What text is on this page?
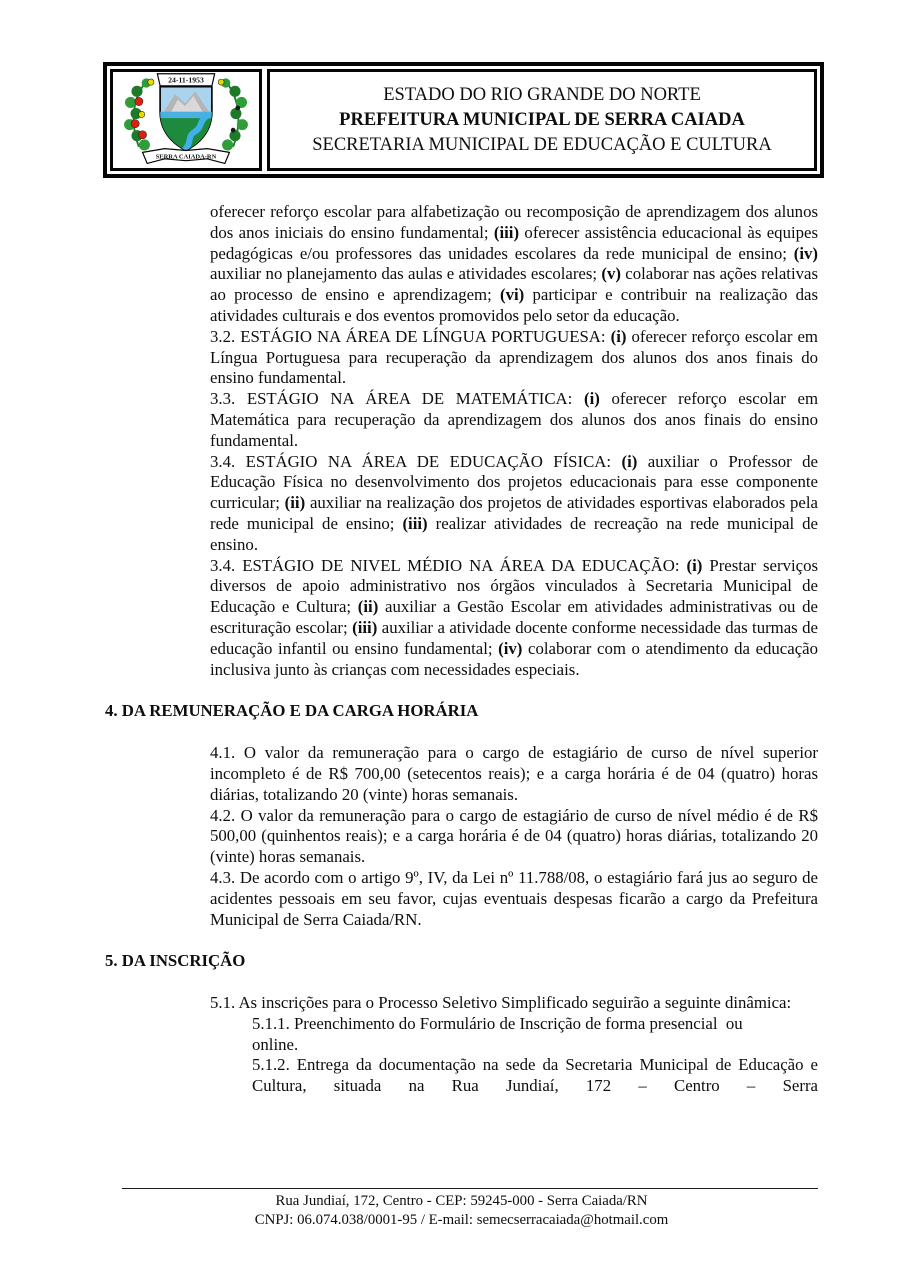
24-11-1953
SERRA CAIADA-RN
ESTADO DO RIO GRANDE DO NORTE
PREFEITURA MUNICIPAL DE SERRA CAIADA
SECRETARIA MUNICIPAL DE EDUCAÇÃO E CULTURA

oferecer reforço escolar para alfabetização ou recomposição de aprendizagem dos alunos dos anos iniciais do ensino fundamental; (iii) oferecer assistência educacional às equipes pedagógicas e/ou professores das unidades escolares da rede municipal de ensino; (iv) auxiliar no planejamento das aulas e atividades escolares; (v) colaborar nas ações relativas ao processo de ensino e aprendizagem; (vi) participar e contribuir na realização das atividades culturais e dos eventos promovidos pelo setor da educação.

3.2. ESTÁGIO NA ÁREA DE LÍNGUA PORTUGUESA: (i) oferecer reforço escolar em Língua Portuguesa para recuperação da aprendizagem dos alunos dos anos finais do ensino fundamental.

3.3. ESTÁGIO NA ÁREA DE MATEMÁTICA: (i) oferecer reforço escolar em Matemática para recuperação da aprendizagem dos alunos dos anos finais do ensino fundamental.

3.4. ESTÁGIO NA ÁREA DE EDUCAÇÃO FÍSICA: (i) auxiliar o Professor de Educação Física no desenvolvimento dos projetos educacionais para esse componente curricular; (ii) auxiliar na realização dos projetos de atividades esportivas elaborados pela rede municipal de ensino; (iii) realizar atividades de recreação na rede municipal de ensino.

3.4. ESTÁGIO DE NIVEL MÉDIO NA ÁREA DA EDUCAÇÃO: (i) Prestar serviços diversos de apoio administrativo nos órgãos vinculados à Secretaria Municipal de Educação e Cultura; (ii) auxiliar a Gestão Escolar em atividades administrativas ou de escrituração escolar; (iii) auxiliar a atividade docente conforme necessidade das turmas de educação infantil ou ensino fundamental; (iv) colaborar com o atendimento da educação inclusiva junto às crianças com necessidades especiais.

4. DA REMUNERAÇÃO E DA CARGA HORÁRIA

4.1. O valor da remuneração para o cargo de estagiário de curso de nível superior incompleto é de R$ 700,00 (setecentos reais); e a carga horária é de 04 (quatro) horas diárias, totalizando 20 (vinte) horas semanais.

4.2. O valor da remuneração para o cargo de estagiário de curso de nível médio é de R$ 500,00 (quinhentos reais); e a carga horária é de 04 (quatro) horas diárias, totalizando 20 (vinte) horas semanais.

4.3. De acordo com o artigo 9º, IV, da Lei nº 11.788/08, o estagiário fará jus ao seguro de acidentes pessoais em seu favor, cujas eventuais despesas ficarão a cargo da Prefeitura Municipal de Serra Caiada/RN.

5. DA INSCRIÇÃO

5.1. As inscrições para o Processo Seletivo Simplificado seguirão a seguinte dinâmica:

5.1.1. Preenchimento do Formulário de Inscrição de forma presencial  ou
online.

5.1.2. Entrega da documentação na sede da Secretaria Municipal de Educação e Cultura, situada na Rua Jundiaí, 172 – Centro – Serra

Rua Jundiaí, 172, Centro - CEP: 59245-000 - Serra Caiada/RN
CNPJ: 06.074.038/0001-95 / E-mail: semecserracaiada@hotmail.com
